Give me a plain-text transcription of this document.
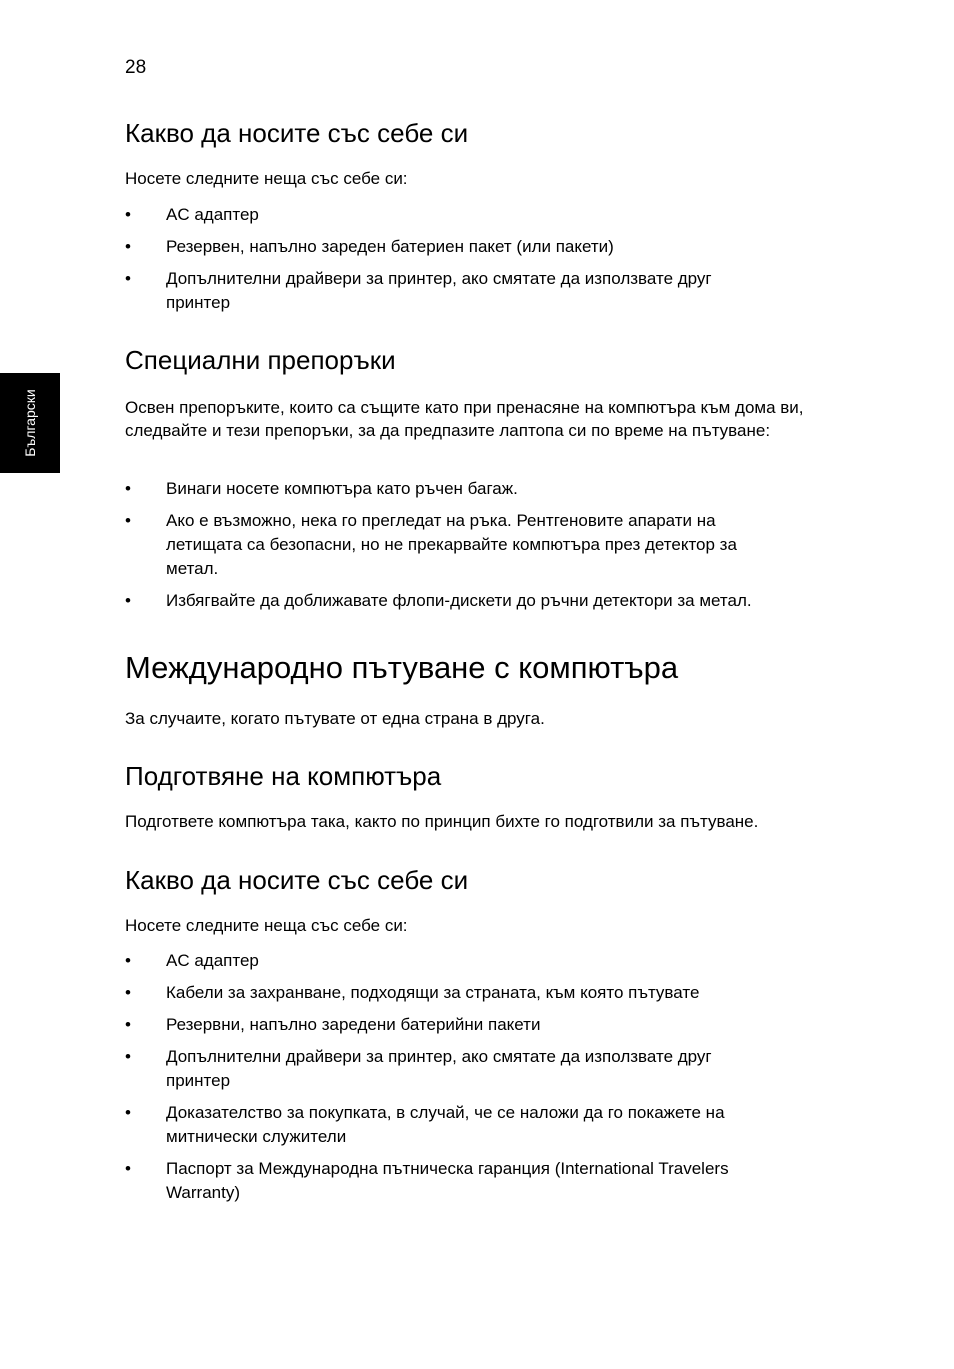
28
Български
Какво да носите със себе си

Носете следните неща със себе си:

• AC адаптер
• Резервен, напълно зареден батериен пакет (или пакети)
• Допълнителни драйвери за принтер, ако смятате да използвате друг принтер
Специални препоръки

Освен препоръките, които са същите като при пренасяне на компютъра към дома ви, следвайте и тези препоръки, за да предпазите лаптопа си по време на пътуване:

• Винаги носете компютъра като ръчен багаж.
• Ако е възможно, нека го прегледат на ръка. Рентгеновите апарати на летищата са безопасни, но не прекарвайте компютъра през детектор за метал.
• Избягвайте да доближавате флопи-дискети до ръчни детектори за метал.
Международно пътуване с компютъра

За случаите, когато пътувате от една страна в друга.

Подготвяне на компютъра

Подгответе компютъра така, както по принцип бихте го подготвили за пътуване.

Какво да носите със себе си

Носете следните неща със себе си:

• AC адаптер
• Кабели за захранване, подходящи за страната, към която пътувате
• Резервни, напълно заредени батерийни пакети
• Допълнителни драйвери за принтер, ако смятате да използвате друг принтер
• Доказателство за покупката, в случай, че се наложи да го покажете на митнически служители
• Паспорт за Международна пътническа гаранция (International Travelers Warranty)
